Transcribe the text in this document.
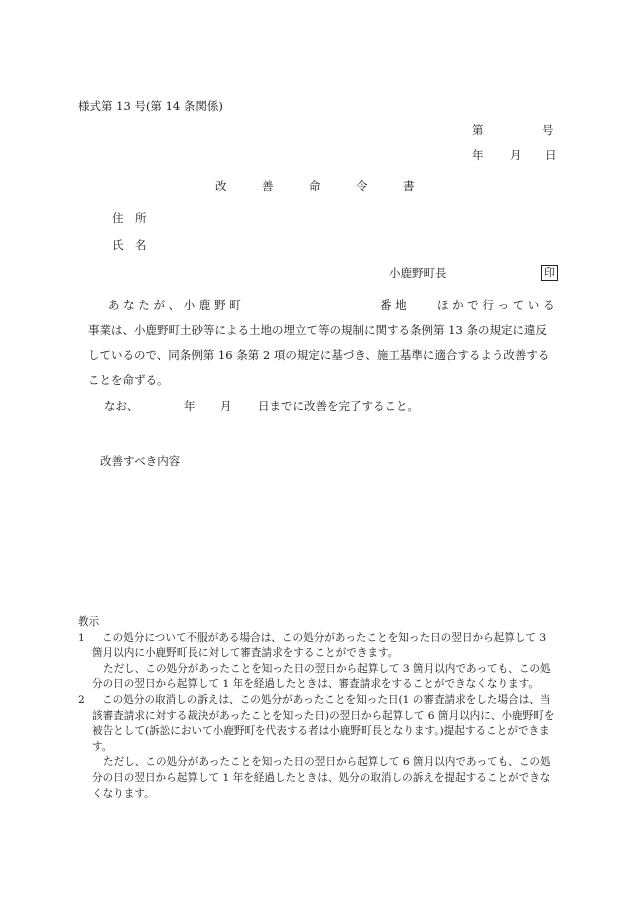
様式第 13 号(第 14 条関係)
第	号
年 月 日
改	善	命	令	書
住　所
氏　名
小鹿野町長	印
あ な た が 、 小 鹿 野 町	番 地	ほ か で 行 っ て い る
事業は、小鹿野町土砂等による土地の埋立て等の規制に関する条例第 13 条の規定に違反
しているので、同条例第 16 条第 2 項の規定に基づき、施工基準に適合するよう改善する
ことを命ずる。
なお、	年 月 日までに改善を完了すること。
改善すべき内容

教示

1	この処分について不服がある場合は、この処分があったことを知った日の翌日から起算して 3 箇月以内に小鹿野町長に対して審査請求をすることができます。

ただし、この処分があったことを知った日の翌日から起算して 3 箇月以内であっても、この処分の日の翌日から起算して 1 年を経過したときは、審査請求をすることができなくなります。

2	この処分の取消しの訴えは、この処分があったことを知った日(1 の審査請求をした場合は、当該審査請求に対する裁決があったことを知った日)の翌日から起算して 6 箇月以内に、小鹿野町を被告として(訴訟において小鹿野町を代表する者は小鹿野町長となります。)提起することができます。

ただし、この処分があったことを知った日の翌日から起算して 6 箇月以内であっても、この処分の日の翌日から起算して 1 年を経過したときは、処分の取消しの訴えを提起することができなくなります。
